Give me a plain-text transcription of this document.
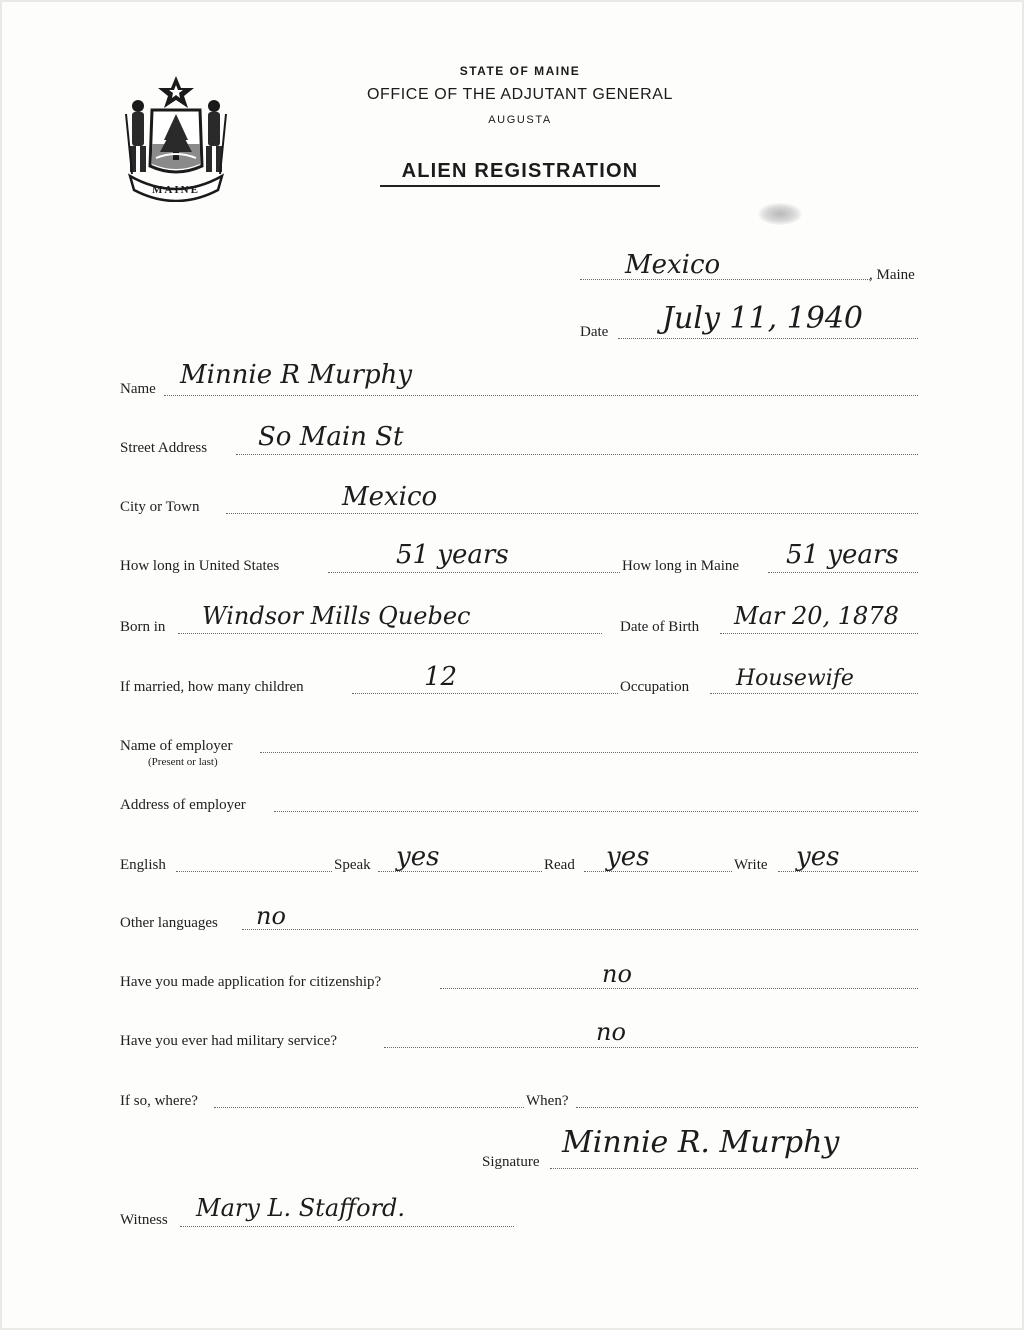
MAINE
STATE OF MAINE
OFFICE OF THE ADJUTANT GENERAL
AUGUSTA
ALIEN REGISTRATION
Mexico	, Maine
Date July 11, 1940
Name Minnie R Murphy
Street Address So Main St
City or Town	Mexico
How long in United States	51 years	How long in Maine 51 years
Born in Windsor Mills Quebec	Date of Birth Mar 20, 1878
If married, how many children	12	Occupation Housewife
Name of employer
(Present or last)
Address of employer
English	Speak yes	Read yes	Write yes
Other languages no
Have you made application for citizenship?	no
Have you ever had military service?	no
If so, where?	When?
Signature
Minnie R. Murphy
Witness Mary L. Stafford.
